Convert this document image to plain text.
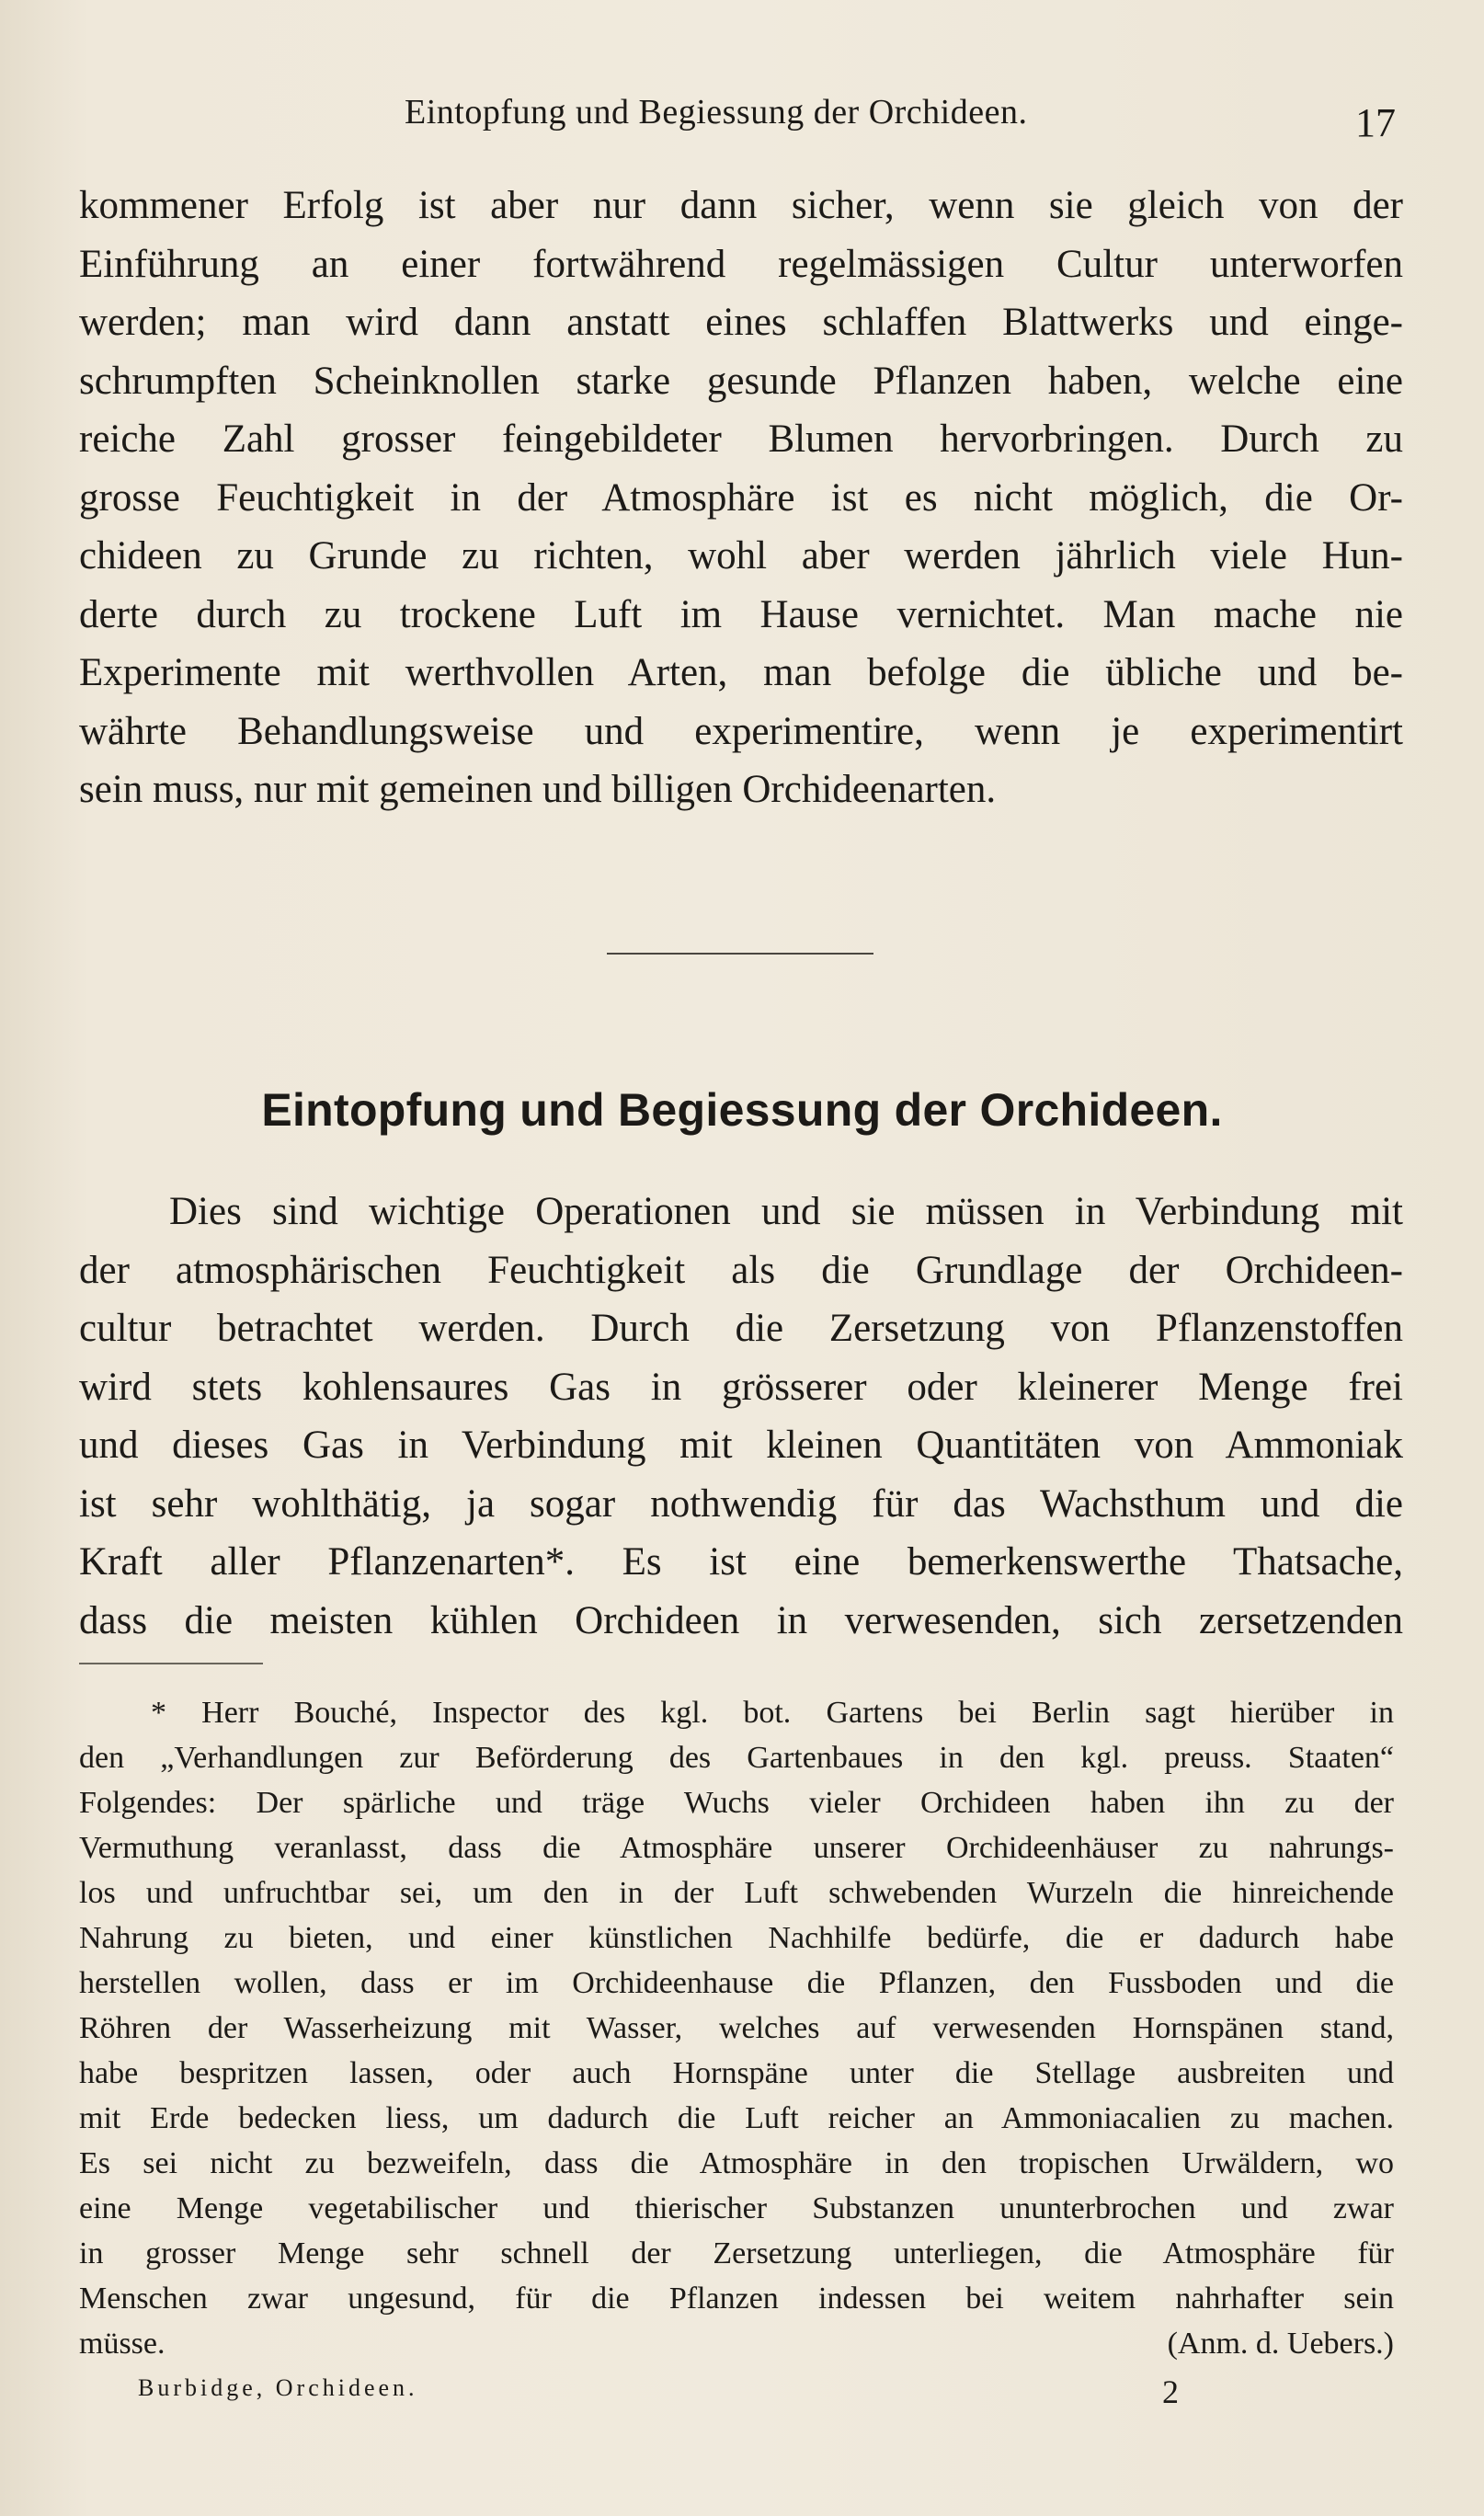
Eintopfung und Begiessung der Orchideen.	17
kommener Erfolg ist aber nur dann sicher, wenn sie gleich von der
Einführung an einer fortwährend regelmässigen Cultur unterworfen
werden; man wird dann anstatt eines schlaffen Blattwerks und einge-
schrumpften Scheinknollen starke gesunde Pflanzen haben, welche eine
reiche Zahl grosser feingebildeter Blumen hervorbringen. Durch zu
grosse Feuchtigkeit in der Atmosphäre ist es nicht möglich, die Or-
chideen zu Grunde zu richten, wohl aber werden jährlich viele Hun-
derte durch zu trockene Luft im Hause vernichtet. Man mache nie
Experimente mit werthvollen Arten, man befolge die übliche und be-
währte Behandlungsweise und experimentire, wenn je experimentirt
sein muss, nur mit gemeinen und billigen Orchideenarten.
Eintopfung und Begiessung der Orchideen.
Dies sind wichtige Operationen und sie müssen in Verbindung mit
der atmosphärischen Feuchtigkeit als die Grundlage der Orchideen-
cultur betrachtet werden. Durch die Zersetzung von Pflanzenstoffen
wird stets kohlensaures Gas in grösserer oder kleinerer Menge frei
und dieses Gas in Verbindung mit kleinen Quantitäten von Ammoniak
ist sehr wohlthätig, ja sogar nothwendig für das Wachsthum und die
Kraft aller Pflanzenarten*. Es ist eine bemerkenswerthe Thatsache,
dass die meisten kühlen Orchideen in verwesenden, sich zersetzenden
* Herr Bouché, Inspector des kgl. bot. Gartens bei Berlin sagt hierüber in
den „Verhandlungen zur Beförderung des Gartenbaues in den kgl. preuss. Staaten“
Folgendes: Der spärliche und träge Wuchs vieler Orchideen haben ihn zu der
Vermuthung veranlasst, dass die Atmosphäre unserer Orchideenhäuser zu nahrungs-
los und unfruchtbar sei, um den in der Luft schwebenden Wurzeln die hinreichende
Nahrung zu bieten, und einer künstlichen Nachhilfe bedürfe, die er dadurch habe
herstellen wollen, dass er im Orchideenhause die Pflanzen, den Fussboden und die
Röhren der Wasserheizung mit Wasser, welches auf verwesenden Hornspänen stand,
habe bespritzen lassen, oder auch Hornspäne unter die Stellage ausbreiten und
mit Erde bedecken liess, um dadurch die Luft reicher an Ammoniacalien zu machen.
Es sei nicht zu bezweifeln, dass die Atmosphäre in den tropischen Urwäldern, wo
eine Menge vegetabilischer und thierischer Substanzen ununterbrochen und zwar
in grosser Menge sehr schnell der Zersetzung unterliegen, die Atmosphäre für
Menschen zwar ungesund, für die Pflanzen indessen bei weitem nahrhafter sein
müsse.	(Anm. d. Uebers.)
Burbidge, Orchideen.	2
